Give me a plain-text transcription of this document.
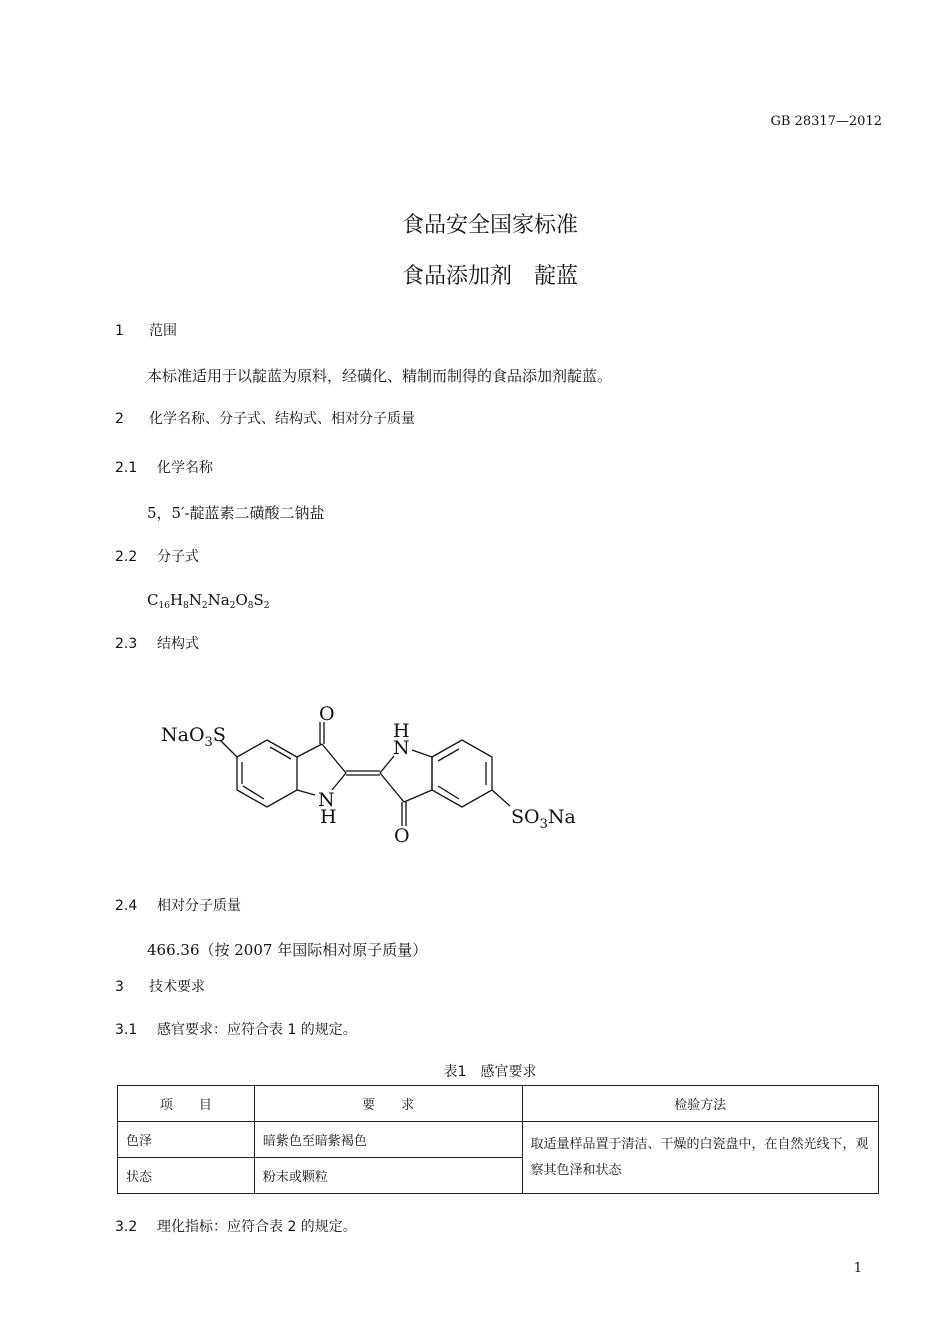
GB 28317—2012
食品安全国家标准
食品添加剂　靛蓝
1 范围
本标准适用于以靛蓝为原料，经磺化、精制而制得的食品添加剂靛蓝。
2 化学名称、分子式、结构式、相对分子质量
2.1 化学名称
5，5′-靛蓝素二磺酸二钠盐
2.2 分子式
$C_{16}H_8N_2Na_2O_8S_2$
2.3 结构式
NaO$_3$S
O
H
N
N
H
O
$SO_3Na$
2.4 相对分子质量
466.36（按 2007 年国际相对原子质量）
3 技术要求
3.1 感官要求：应符合表 1 的规定。
表1　感官要求
项　　目	要　　求	检验方法
色泽	暗紫色至暗紫褐色	取适量样品置于清洁、干燥的白瓷盘中，在自然光线下，观察其色泽和状态
状态	粉末或颗粒	
3.2 理化指标：应符合表 2 的规定。
1
